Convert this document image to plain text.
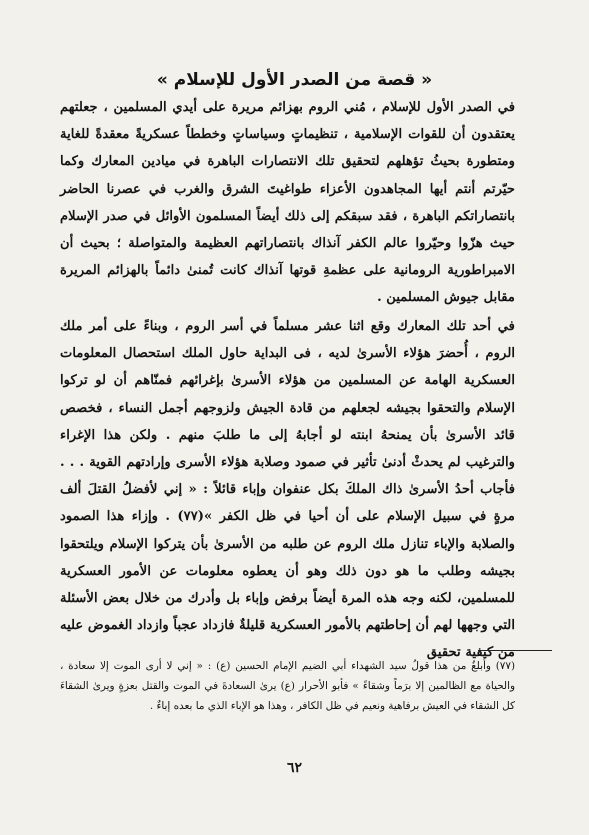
« قصة من الصدر الأول للإسلام »

في الصدر الأول للإسلام ، مُني الروم بهزائم مريرة على أيدي المسلمين ، جعلتهم يعتقدون أن للقوات الإسلامية ، تنظيماتٍ وسياساتٍ وخططاً عسكريةً معقدةً للغاية ومتطورة بحيثُ تؤهلهم لتحقيق تلك الانتصارات الباهرة في ميادين المعارك وكما حيّرتم أنتم أيها المجاهدون الأعزاء طواغيتَ الشرق والغرب في عصرنا الحاضر بانتصاراتكم الباهرة ، فقد سبقكم إلى ذلك أيضاً المسلمون الأوائل في صدر الإسلام حيث هزّوا وحيّروا عالم الكفر آنذاك بانتصاراتهم العظيمة والمتواصلة ؛ بحيث أن الامبراطورية الرومانية على عظمةِ قوتها آنذاك كانت تُمنىٰ دائماً بالهزائم المريرة مقابل جيوش المسلمين .

في أحد تلك المعارك وقع اثنا عشر مسلماً في أسر الروم ، وبناءً على أمر ملك الروم ، أُحضرَ هؤلاء الأسرىٰ لديه ، فى البداية حاول الملك استحصال المعلومات العسكرية الهامة عن المسلمين من هؤلاء الأسرىٰ بإغرائهم فمنّاهم أن لو تركوا الإسلام والتحقوا بجيشه لجعلهم من قادة الجيش ولزوجهم أجمل النساء ، فخصص قائد الأسرىٰ بأن يمنحهُ ابنته لو أجابهُ إلى ما طلبَ منهم . ولكن هذا الإغراء والترغيب لم يحدثْ أدنىٰ تأثير في صمود وصلابة هؤلاء الأسرى وإرادتهم القوية . . . فأجاب أحدُ الأسرىٰ ذاك الملكَ بكل عنفوان وإباء قائلاً : « إني لأفضلُ القتلَ ألف مرةٍ في سبيل الإسلام على أن أحيا في ظل الكفر »(٧٧) . وإزاء هذا الصمود والصلابة والإباء تنازل ملك الروم عن طلبه من الأسرىٰ بأن يتركوا الإسلام ويلتحقوا بجيشه وطلب ما هو دون ذلك وهو أن يعطوه معلومات عن الأمور العسكرية للمسلمين، لكنه وجه هذه المرة أيضاً برفض وإباء بل وأدرك من خلال بعض الأسئلة التي وجهها لهم أن إحاطتهم بالأمور العسكرية قليلةٌ فازداد عجباً وازداد الغموض عليه من كيفية تحقيق

(٧٧) وأبلغُ من هذا قولُ سيد الشهداء أبي الضيم الإمام الحسين (ع) : « إني لا أرى الموت إلا سعادة ، والحياة مع الظالمين إلا برَماً وشقاءً » فأبو الأحرار (ع) يرىٰ السعادةَ في الموت والقتل بعزةٍ ويرىٰ الشقاءَ كل الشقاء في العيش برفاهية ونعيم في ظل الكافر ، وهذا هو الإباء الذي ما بعده إباءٌ .

٦٢
